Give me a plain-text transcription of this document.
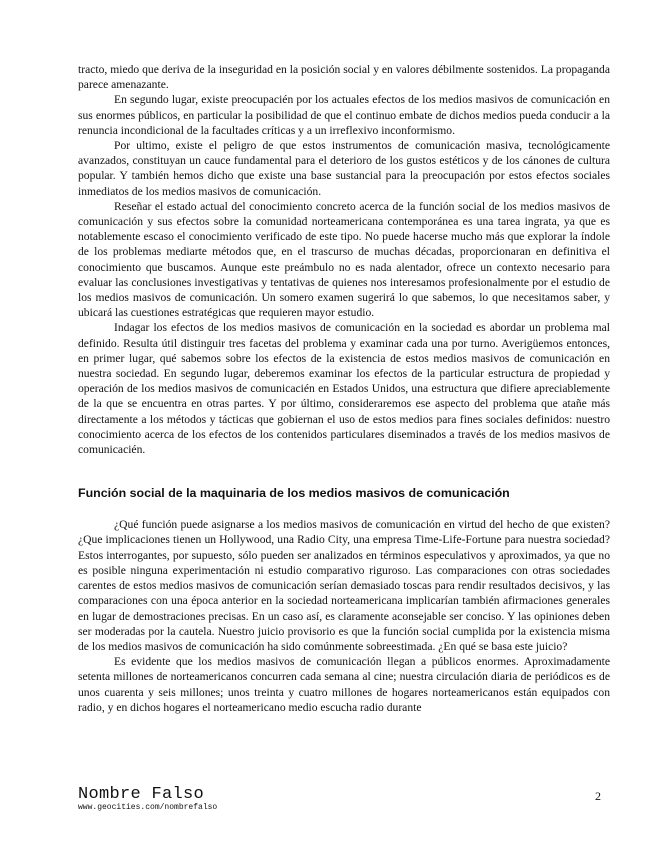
tracto, miedo que deriva de la inseguridad en la posición social y en valores débilmente sostenidos. La propaganda parece amenazante.

En segundo lugar, existe preocupacién por los actuales efectos de los medios masivos de comunicación en sus enormes públicos, en particular la posibilidad de que el continuo embate de dichos medios pueda conducir a la renuncia incondicional de la facultades críticas y a un irreflexivo inconformismo.

Por ultimo, existe el peligro de que estos instrumentos de comunicación masiva, tecnológicamente avanzados, constituyan un cauce fundamental para el deterioro de los gustos estéticos y de los cánones de cultura popular. Y también hemos dicho que existe una base sustancial para la preocupación por estos efectos sociales inmediatos de los medios masivos de comunicación.

Reseñar el estado actual del conocimiento concreto acerca de la función social de los medios masivos de comunicación y sus efectos sobre la comunidad norteamericana contemporánea es una tarea ingrata, ya que es notablemente escaso el conocimiento verificado de este tipo. No puede hacerse mucho más que explorar la índole de los problemas mediarte métodos que, en el trascurso de muchas décadas, proporcionaran en definitiva el conocimiento que buscamos. Aunque este preámbulo no es nada alentador, ofrece un contexto necesario para evaluar las conclusiones investigativas y tentativas de quienes nos interesamos profesionalmente por el estudio de los medios masivos de comunicación. Un somero examen sugerirá lo que sabemos, lo que necesitamos saber, y ubicará las cuestiones estratégicas que requieren mayor estudio.

Indagar los efectos de los medios masivos de comunicación en la sociedad es abordar un problema mal definido. Resulta útil distinguir tres facetas del problema y examinar cada una por turno. Averigüemos entonces, en primer lugar, qué sabemos sobre los efectos de la existencia de estos medios masivos de comunicación en nuestra sociedad. En segundo lugar, deberemos examinar los efectos de la particular estructura de propiedad y operación de los medios masivos de comunicacién en Estados Unidos, una estructura que difiere apreciablemente de la que se encuentra en otras partes. Y por último, consideraremos ese aspecto del problema que atañe más directamente a los métodos y tácticas que gobiernan el uso de estos medios para fines sociales definidos: nuestro conocimiento acerca de los efectos de los contenidos particulares diseminados a través de los medios masivos de comunicacién.

Función social de la maquinaria de los medios masivos de comunicación

¿Qué función puede asignarse a los medios masivos de comunicación en virtud del hecho de que existen? ¿Que implicaciones tienen un Hollywood, una Radio City, una empresa Time-Life-Fortune para nuestra sociedad? Estos interrogantes, por supuesto, sólo pueden ser analizados en términos especulativos y aproximados, ya que no es posible ninguna experimentación ni estudio comparativo riguroso. Las comparaciones con otras sociedades carentes de estos medios masivos de comunicación serían demasiado toscas para rendir resultados decisivos, y las comparaciones con una época anterior en la sociedad norteamericana implicarían también afirmaciones generales en lugar de demostraciones precisas. En un caso así, es claramente aconsejable ser conciso. Y las opiniones deben ser moderadas por la cautela. Nuestro juicio provisorio es que la función social cumplida por la existencia misma de los medios masivos de comunicación ha sido comúnmente sobreestimada. ¿En qué se basa este juicio?

Es evidente que los medios masivos de comunicación llegan a públicos enormes. Aproximadamente setenta millones de norteamericanos concurren cada semana al cine; nuestra circulación diaria de periódicos es de unos cuarenta y seis millones; unos treinta y cuatro millones de hogares norteamericanos están equipados con radio, y en dichos hogares el norteamericano medio escucha radio durante

Nombre Falso
www.geocities.com/nombrefalso
2
